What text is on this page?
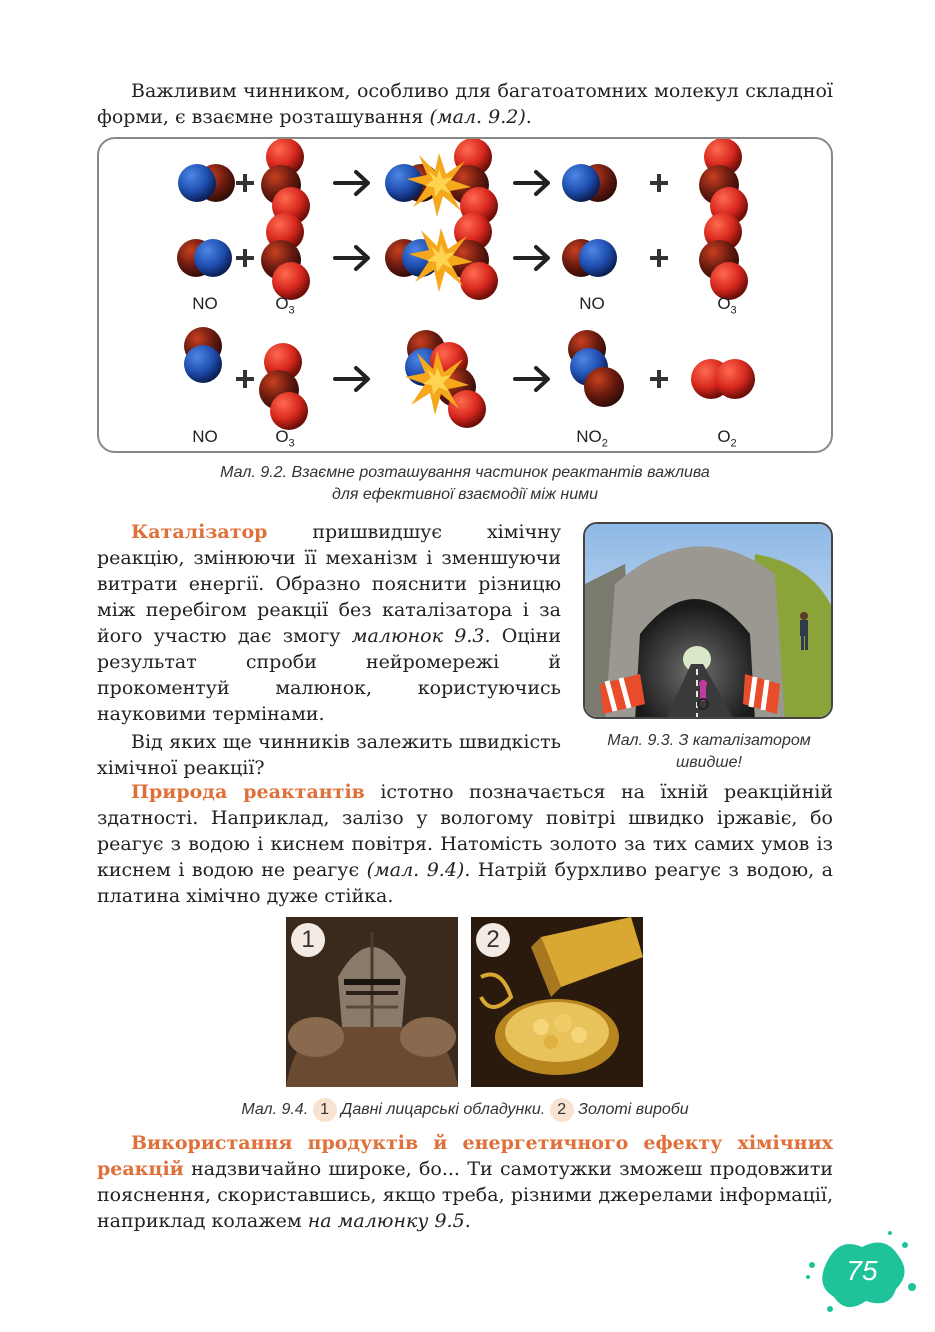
Важливим чинником, особливо для багатоатомних молекул складної форми, є взаємне розташування (мал. 9.2).
NO	$O_3$	NO	$O_3$
NO	$O_3$	$NO_2$	$O_2$
Мал. 9.2. Взаємне розташування частинок реактантів важлива
для ефективної взаємодії між ними
Каталізатор пришвидшує хімічну реакцію, змінюючи її механізм і зменшуючи витрати енергії. Образно пояснити різницю між перебігом реакції без каталізатора і за його участю дає змогу малюнок 9.3. Оціни результат спроби нейромережі й прокоментуй малюнок, користуючись науковими термінами.
Від яких ще чинників залежить швидкість хімічної реакції?
Мал. 9.3. З каталізатором
швидше!
Природа реактантів істотно позначається на їхній реакційній здатності. Наприклад, залізо у вологому повітрі швидко іржавіє, бо реагує з водою і киснем повітря. Натомість золото за тих самих умов із киснем і водою не реагує (мал. 9.4). Натрій бурхливо реагує з водою, а платина хімічно дуже стійка.
1	2
Мал. 9.4. 1 Давні лицарські обладунки. 2 Золоті вироби
Використання продуктів й енергетичного ефекту хімічних реакцій надзвичайно широке, бо... Ти самотужки зможеш продовжити пояснення, скориставшись, якщо треба, різними джерелами інформації, наприклад колажем на малюнку 9.5.
75
